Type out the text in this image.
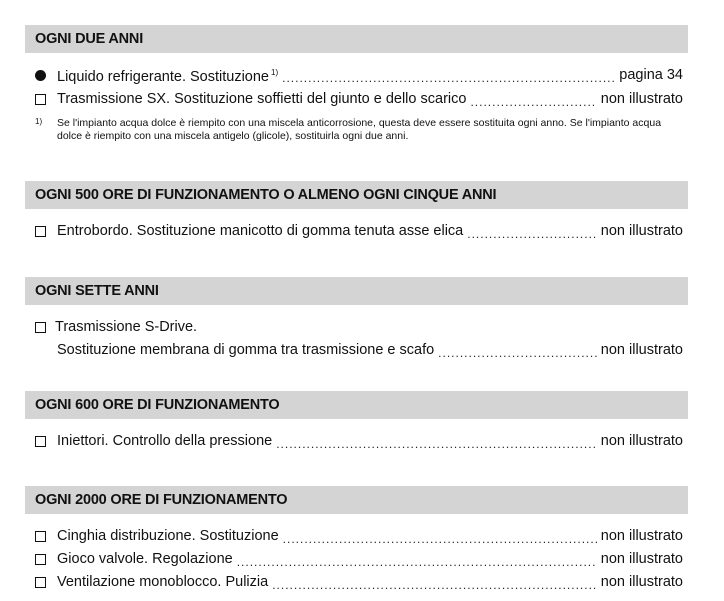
OGNI DUE ANNI
Liquido refrigerante. Sostituzione $^{1)}$ .....	pagina 34
Trasmissione SX. Sostituzione soffietti del giunto e dello scarico .....	non illustrato
1)	Se l'impianto acqua dolce è riempito con una miscela anticorrosione, questa deve essere sostituita ogni anno. Se l'impianto acqua dolce è riempito con una miscela antigelo (glicole), sostituirla ogni due anni.
OGNI 500 ORE DI FUNZIONAMENTO O ALMENO OGNI CINQUE ANNI
Entrobordo. Sostituzione manicotto di gomma tenuta asse elica .....	non illustrato
OGNI SETTE ANNI
Trasmissione S-Drive.
Sostituzione membrana di gomma tra trasmissione e scafo .....	non illustrato
OGNI 600 ORE DI FUNZIONAMENTO
Iniettori. Controllo della pressione .....	non illustrato
OGNI 2000 ORE DI FUNZIONAMENTO
Cinghia distribuzione. Sostituzione .....	non illustrato
Gioco valvole. Regolazione .....	non illustrato
Ventilazione monoblocco. Pulizia .....	non illustrato
